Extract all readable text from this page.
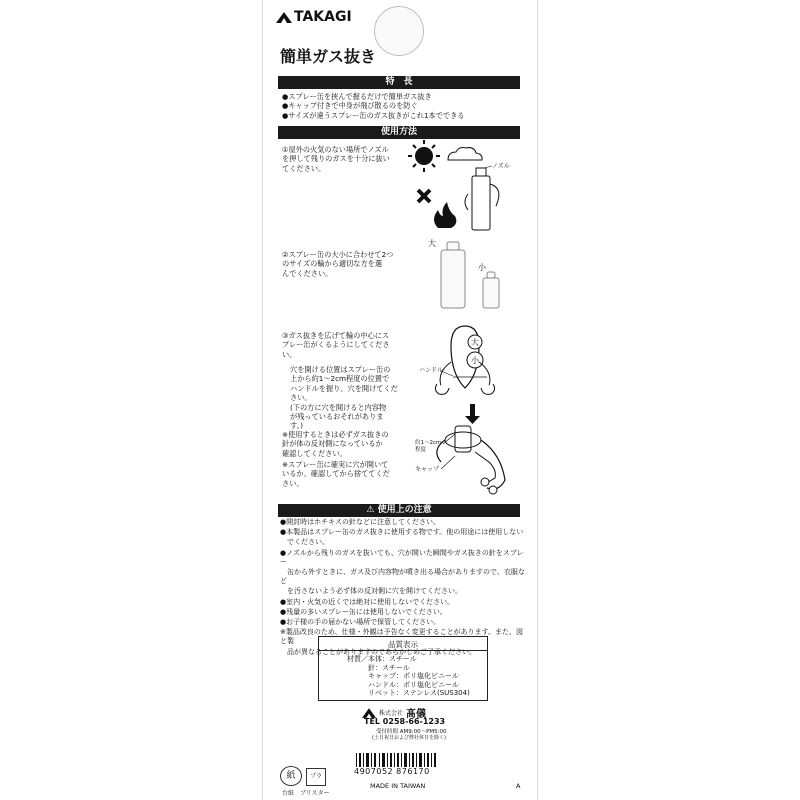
TAKAGI
簡単ガス抜き
特　長
●スプレー缶を挟んで握るだけで簡単ガス抜き
●キャップ付きで中身が飛び散るのを防ぐ
●サイズが違うスプレー缶のガス抜きがこれ1本でできる
使用方法
①屋外の火気のない場所でノズル
を押して残りのガスを十分に抜い
てください。	ノズル
②スプレー缶の大小に合わせて2つ
のサイズの輪から適切な方を選
んでください。
大
小
③ガス抜きを広げて輪の中心にス
プレー缶がくるようにしてくださ
い。
穴を開ける位置はスプレー缶の
上から約1～2cm程度の位置で
ハンドルを握り、穴を開けてくだ
さい。
(下の方に穴を開けると内容物
が残っているおそれがありま
す。)
※使用するときは必ずガス抜きの
針が体の反対側になっているか
確認してください。
※スプレー缶に確実に穴が開いて
いるか、確認してから捨ててくだ
さい。
大
小
ハンドル
約1～2cm
程度
キャップ
⚠ 使用上の注意
●開封時はホチキスの針などに注意してください。
●本製品はスプレー缶のガス抜きに使用する物です。他の用途には使用しない
　でください。
●ノズルから残りのガスを抜いても、穴が開いた瞬間やガス抜きの針をスプレー
　缶から外すときに、ガス及び内容物が噴き出る場合がありますので、衣服など
　を汚さないよう必ず体の反対側に穴を開けてください。
●室内・火気の近くでは絶対に使用しないでください。
●残量の多いスプレー缶には使用しないでください。
●お子様の手の届かない場所で保管してください。
※製品改良のため、仕様・外観は予告なく変更することがあります。また、図と製
　品が異なることがありますのであらかじめご了承ください。
品質表示
材質／本体：スチール
　　　針：スチール
　　　キャップ：ポリ塩化ビニール
　　　ハンドル：ポリ塩化ビニール
　　　リベット：ステンレス(SUS304)
株式会社 髙儀
TEL 0258-66-1233
受付時間 AM9:00～PM5:00
(土日祝日および弊社休日を除く)
紙
台紙
プラ
ブリスター
4907052 876170
MADE IN TAIWAN	A
